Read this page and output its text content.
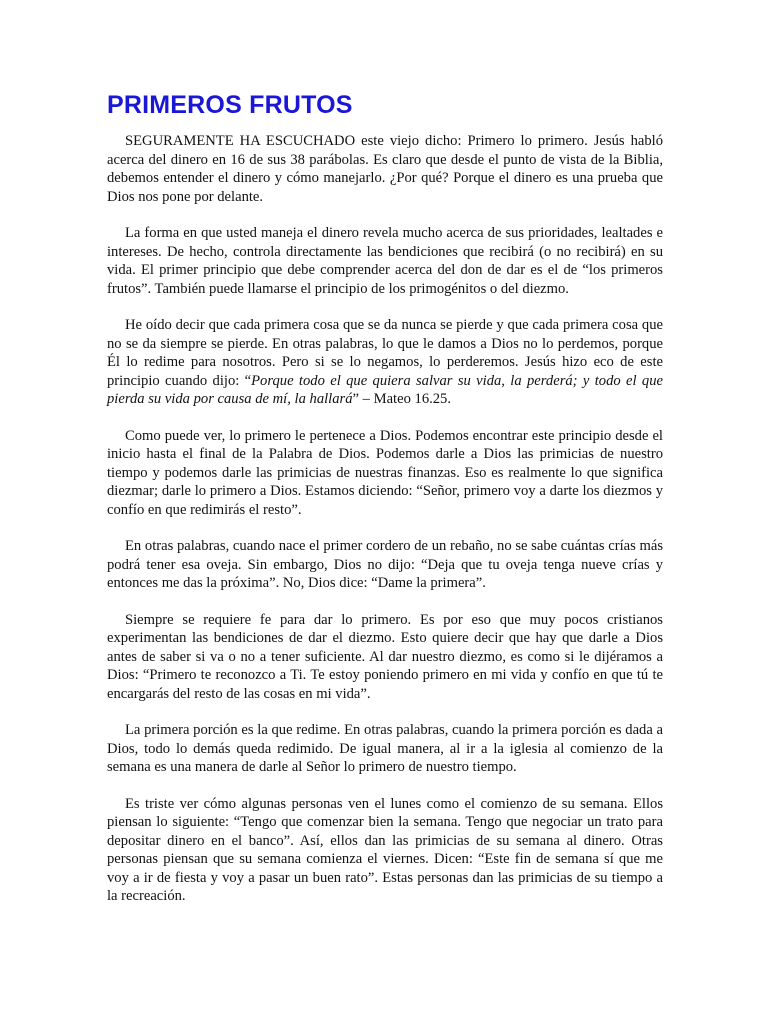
PRIMEROS FRUTOS

SEGURAMENTE HA ESCUCHADO este viejo dicho: Primero lo primero. Jesús habló acerca del dinero en 16 de sus 38 parábolas. Es claro que desde el punto de vista de la Biblia, debemos entender el dinero y cómo manejarlo. ¿Por qué? Porque el dinero es una prueba que Dios nos pone por delante.

La forma en que usted maneja el dinero revela mucho acerca de sus prioridades, lealtades e intereses. De hecho, controla directamente las bendiciones que recibirá (o no recibirá) en su vida. El primer principio que debe comprender acerca del don de dar es el de “los primeros frutos”. También puede llamarse el principio de los primogénitos o del diezmo.

He oído decir que cada primera cosa que se da nunca se pierde y que cada primera cosa que no se da siempre se pierde. En otras palabras, lo que le damos a Dios no lo perdemos, porque Él lo redime para nosotros. Pero si se lo negamos, lo perderemos. Jesús hizo eco de este principio cuando dijo: “Porque todo el que quiera salvar su vida, la perderá; y todo el que pierda su vida por causa de mí, la hallará” – Mateo 16.25.

Como puede ver, lo primero le pertenece a Dios. Podemos encontrar este principio desde el inicio hasta el final de la Palabra de Dios. Podemos darle a Dios las primicias de nuestro tiempo y podemos darle las primicias de nuestras finanzas. Eso es realmente lo que significa diezmar; darle lo primero a Dios. Estamos diciendo: “Señor, primero voy a darte los diezmos y confío en que redimirás el resto”.

En otras palabras, cuando nace el primer cordero de un rebaño, no se sabe cuántas crías más podrá tener esa oveja. Sin embargo, Dios no dijo: “Deja que tu oveja tenga nueve crías y entonces me das la próxima”. No, Dios dice: “Dame la primera”.

Siempre se requiere fe para dar lo primero. Es por eso que muy pocos cristianos experimentan las bendiciones de dar el diezmo. Esto quiere decir que hay que darle a Dios antes de saber si va o no a tener suficiente. Al dar nuestro diezmo, es como si le dijéramos a Dios: “Primero te reconozco a Ti. Te estoy poniendo primero en mi vida y confío en que tú te encargarás del resto de las cosas en mi vida”.

La primera porción es la que redime. En otras palabras, cuando la primera porción es dada a Dios, todo lo demás queda redimido. De igual manera, al ir a la iglesia al comienzo de la semana es una manera de darle al Señor lo primero de nuestro tiempo.

Es triste ver cómo algunas personas ven el lunes como el comienzo de su semana. Ellos piensan lo siguiente: “Tengo que comenzar bien la semana. Tengo que negociar un trato para depositar dinero en el banco”. Así, ellos dan las primicias de su semana al dinero. Otras personas piensan que su semana comienza el viernes. Dicen: “Este fin de semana sí que me voy a ir de fiesta y voy a pasar un buen rato”. Estas personas dan las primicias de su tiempo a la recreación.
